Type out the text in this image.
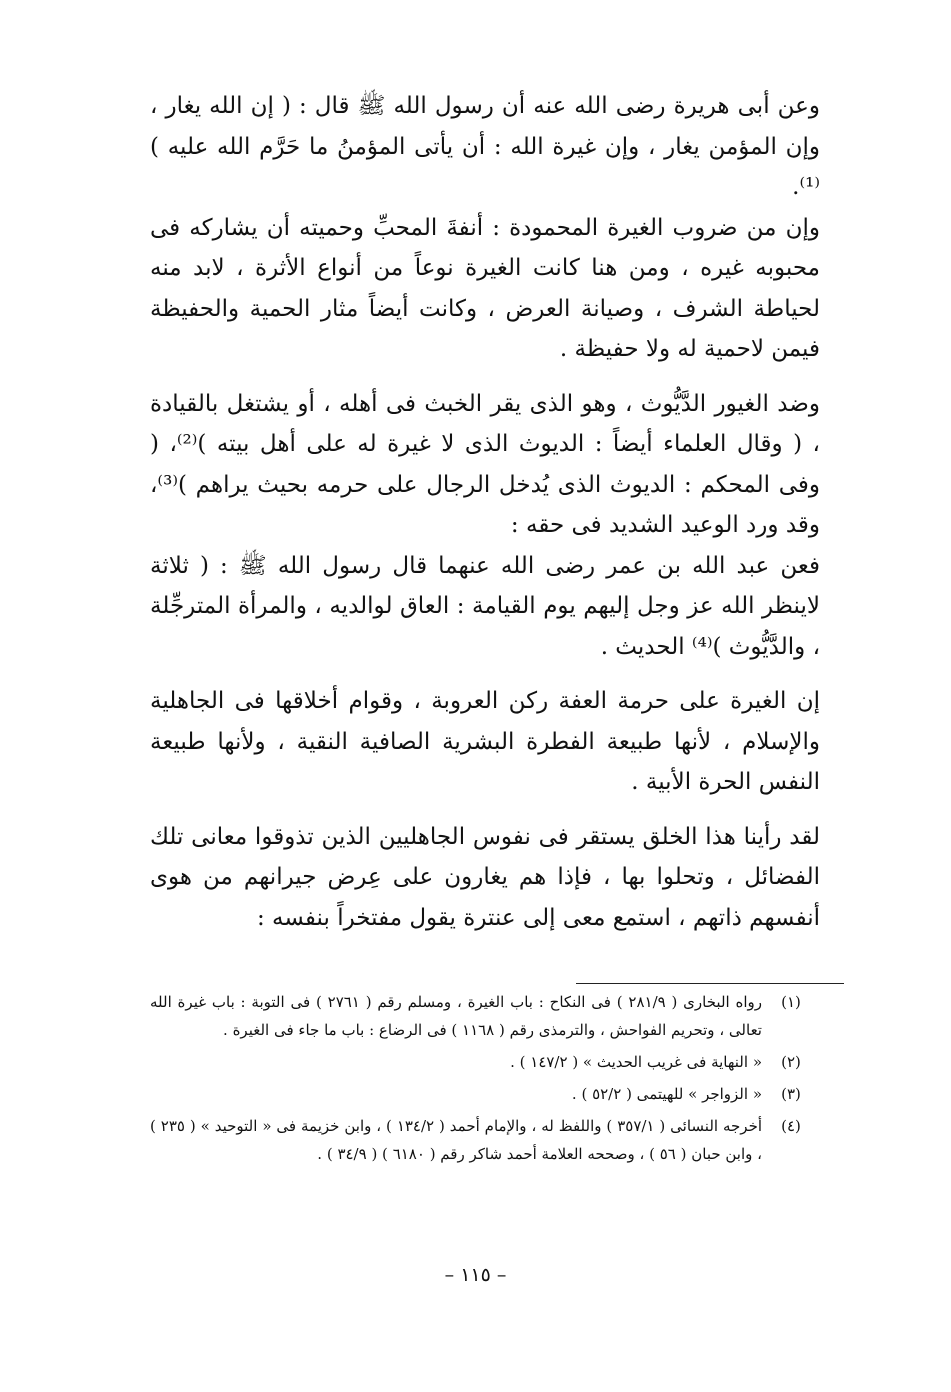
وعن أبى هريرة رضى الله عنه أن رسول الله ﷺ قال : ( إن الله يغار ، وإن المؤمن يغار ، وإن غيرة الله : أن يأتى المؤمنُ ما حَرَّم الله عليه )⁽¹⁾.

وإن من ضروب الغيرة المحمودة : أنفةَ المحبِّ وحميته أن يشاركه فى محبوبه غيره ، ومن هنا كانت الغيرة نوعاً من أنواع الأثرة ، لابد منه لحياطة الشرف ، وصيانة العرض ، وكانت أيضاً مثار الحمية والحفيظة فيمن لاحمية له ولا حفيظة .

وضد الغيور الدَّيُّوث ، وهو الذى يقر الخبث فى أهله ، أو يشتغل بالقيادة ، ( وقال العلماء أيضاً : الديوث الذى لا غيرة له على أهل بيته )⁽²⁾، ( وفى المحكم : الديوث الذى يُدخل الرجال على حرمه بحيث يراهم )⁽³⁾، وقد ورد الوعيد الشديد فى حقه :

فعن عبد الله بن عمر رضى الله عنهما قال رسول الله ﷺ : ( ثلاثة لاينظر الله عز وجل إليهم يوم القيامة : العاق لوالديه ، والمرأة المترجِّلة ، والدَّيُّوث )⁽⁴⁾ الحديث .

إن الغيرة على حرمة العفة ركن العروبة ، وقوام أخلاقها فى الجاهلية والإسلام ، لأنها طبيعة الفطرة البشرية الصافية النقية ، ولأنها طبيعة النفس الحرة الأبية .

لقد رأينا هذا الخلق يستقر فى نفوس الجاهليين الذين تذوقوا معانى تلك الفضائل ، وتحلوا بها ، فإذا هم يغارون على عِرض جيرانهم من هوى أنفسهم ذاتهم ، استمع معى إلى عنترة يقول مفتخراً بنفسه :

(١)
رواه البخارى ( ٢٨١/٩ ) فى النكاح : باب الغيرة ، ومسلم رقم ( ٢٧٦١ ) فى التوبة : باب غيرة الله تعالى ، وتحريم الفواحش ، والترمذى رقم ( ١١٦٨ ) فى الرضاع : باب ما جاء فى الغيرة .
(٢)
« النهاية فى غريب الحديث » ( ١٤٧/٢ ) .
(٣)
« الزواجر » للهيتمى ( ٥٢/٢ ) .
(٤)
أخرجه النسائى ( ٣٥٧/١ ) واللفظ له ، والإمام أحمد ( ١٣٤/٢ ) ، وابن خزيمة فى « التوحيد » ( ٢٣٥ ) ، وابن حبان ( ٥٦ ) ، وصححه العلامة أحمد شاكر رقم ( ٦١٨٠ ) ( ٣٤/٩ ) .
– ١١٥ –
